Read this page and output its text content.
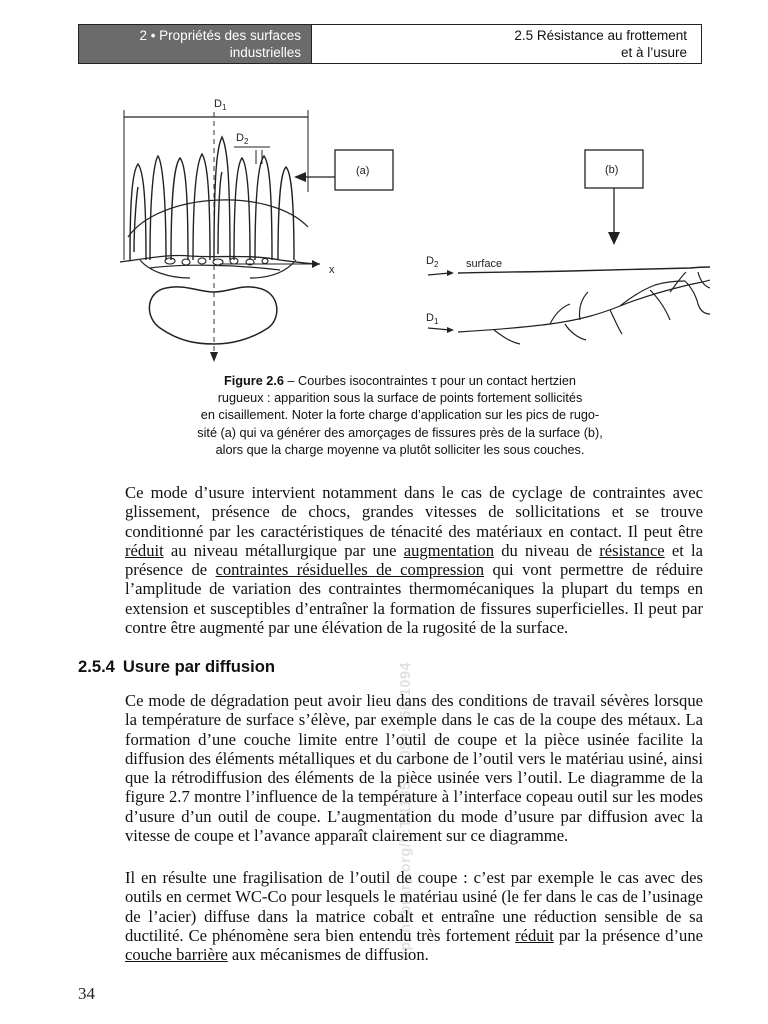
2 • Propriétés des surfaces
industrielles
2.5 Résistance au frottement
et à l’usure
$D_1$
$D_2$
x
(a)	(b)
$D_2$	surface
$D_1$
Figure 2.6 – Courbes isocontraintes τ pour un contact hertzien
rugueux : apparition sous la surface de points fortement sollicités
en cisaillement. Noter la forte charge d’application sur les pics de rugo-
sité (a) qui va générer des amorçages de fissures près de la surface (b),
alors que la charge moyenne va plutôt solliciter les sous couches.
Ce mode d’usure intervient notamment dans le cas de cyclage de contraintes avec glissement, présence de chocs, grandes vitesses de sollicitations et se trouve conditionné par les caractéristiques de ténacité des matériaux en contact. Il peut être réduit au niveau métallurgique par une augmentation du niveau de résistance et la présence de contraintes résiduelles de compression qui vont permettre de réduire l’amplitude de variation des contraintes thermomécaniques la plupart du temps en extension et susceptibles d’entraîner la formation de fissures superficielles. Il peut par contre être augmenté par une élévation de la rugosité de la surface.
2.5.4 Usure par diffusion
Ce mode de dégradation peut avoir lieu dans des conditions de travail sévères lorsque la température de surface s’élève, par exemple dans le cas de la coupe des métaux. La formation d’une couche limite entre l’outil de coupe et la pièce usinée facilite la diffusion des éléments métalliques et du carbone de l’outil vers le matériau usiné, ainsi que la rétrodiffusion des éléments de la pièce usinée vers l’outil. Le diagramme de la figure 2.7 montre l’influence de la température à l’interface copeau outil sur les modes d’usure d’un outil de coupe. L’augmentation du mode d’usure par diffusion avec la vitesse de coupe et l’avance apparaît clairement sur ce diagramme.
Il en résulte une fragilisation de l’outil de coupe : c’est par exemple le cas avec des outils en cermet WC-Co pour lesquels le matériau usiné (le fer dans le cas de l’usinage de l’acier) diffuse dans la matrice cobalt et entraîne une réduction sensible de sa ductilité. Ce phénomène sera bien entendu très fortement réduit par la présence d’une couche barrière aux mécanismes de diffusion.
34
openlibrary.org/b:T:1185?:1059:158:1094
